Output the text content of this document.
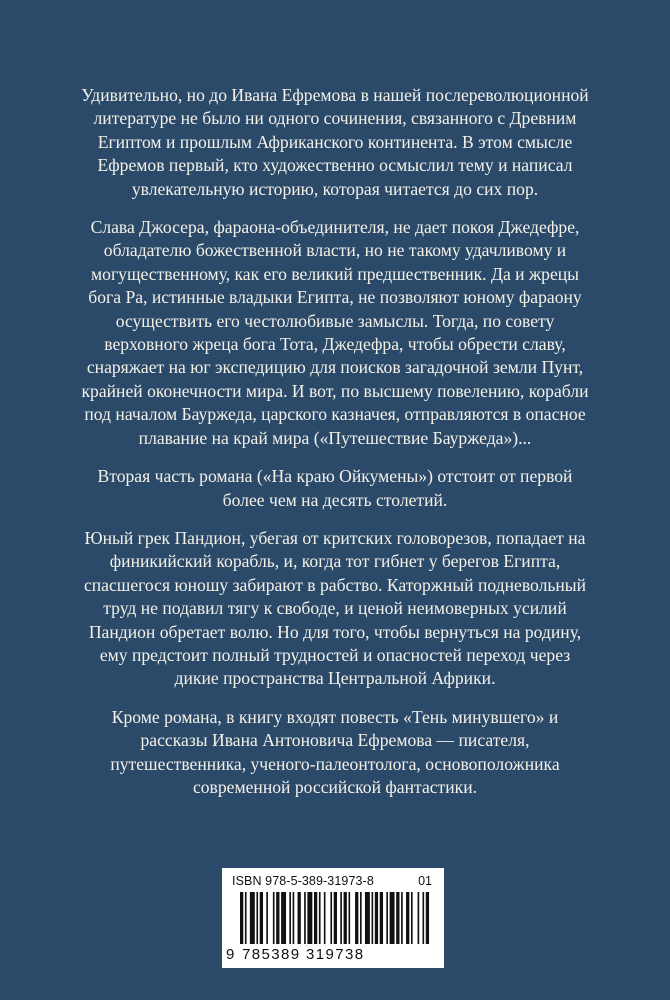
Удивительно, но до Ивана Ефремова в нашей послереволюционной литературе не было ни одного сочинения, связанного с Древним Египтом и прошлым Африканского континента. В этом смысле Ефремов первый, кто художественно осмыслил тему и написал увлекательную историю, которая читается до сих пор.

Слава Джосера, фараона-объединителя, не дает покоя Джедефре, обладателю божественной власти, но не такому удачливому и могущественному, как его великий предшественник. Да и жрецы бога Ра, истинные владыки Египта, не позволяют юному фараону осуществить его честолюбивые замыслы. Тогда, по совету верховного жреца бога Тота, Джедефра, чтобы обрести славу, снаряжает на юг экспедицию для поисков загадочной земли Пунт, крайней оконечности мира. И вот, по высшему повелению, корабли под началом Бауржеда, царского казначея, отправляются в опасное плавание на край мира («Путешествие Бауржеда»)...

Вторая часть романа («На краю Ойкумены») отстоит от первой более чем на десять столетий.

Юный грек Пандион, убегая от критских головорезов, попадает на финикийский корабль, и, когда тот гибнет у берегов Египта, спасшегося юношу забирают в рабство. Каторжный подневольный труд не подавил тягу к свободе, и ценой неимоверных усилий Пандион обретает волю. Но для того, чтобы вернуться на родину, ему предстоит полный трудностей и опасностей переход через дикие пространства Центральной Африки.

Кроме романа, в книгу входят повесть «Тень минувшего» и рассказы Ивана Антоновича Ефремова — писателя, путешественника, ученого-палеонтолога, основоположника современной российской фантастики.

ISBN 978-5-389-31973-8	01
9 785389 319738
